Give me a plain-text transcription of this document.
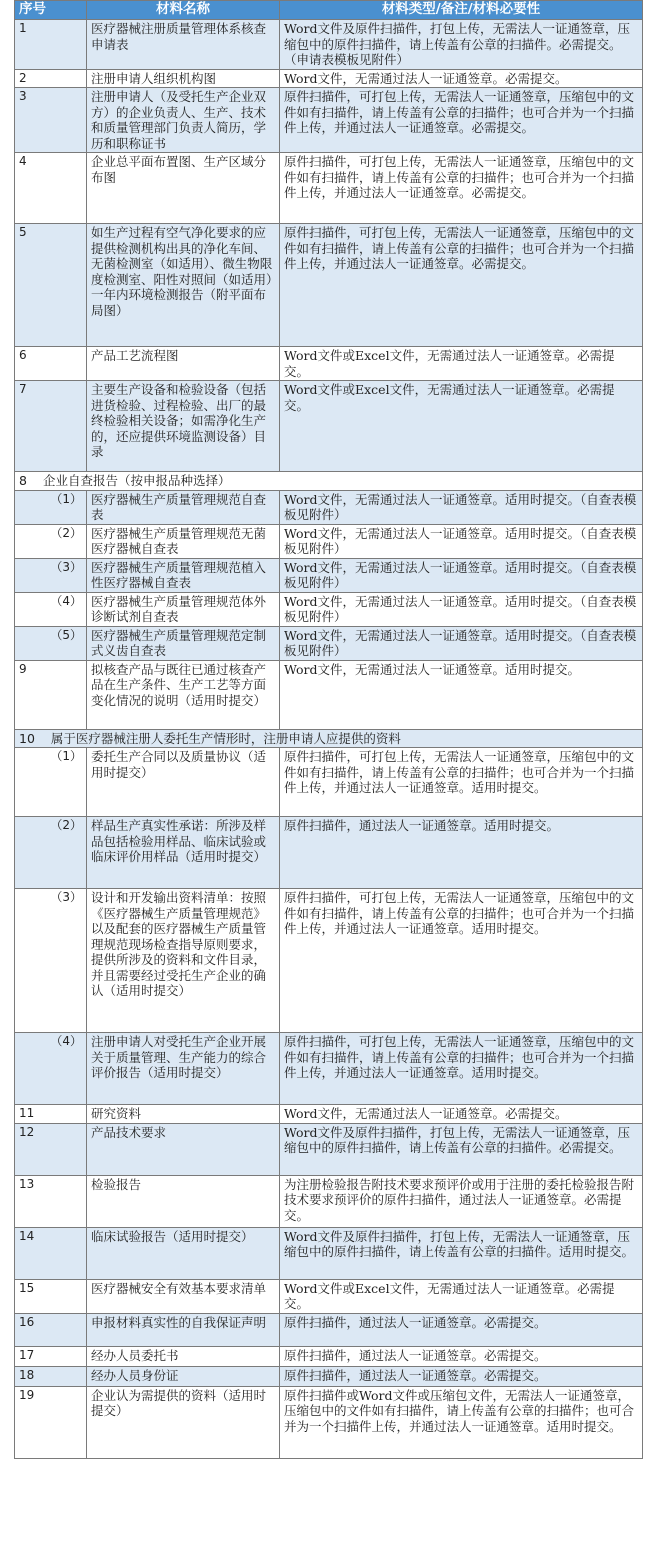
序号	材料名称	材料类型/备注/材料必要性
1	医疗器械注册质量管理体系核查申请表	Word文件及原件扫描件，打包上传，无需法人一证通签章，压缩包中的原件扫描件，请上传盖有公章的扫描件。必需提交。（申请表模板见附件）
2	注册申请人组织机构图	Word文件，无需通过法人一证通签章。必需提交。
3	注册申请人（及受托生产企业双方）的企业负责人、生产、技术和质量管理部门负责人简历，学历和职称证书	原件扫描件，可打包上传，无需法人一证通签章，压缩包中的文件如有扫描件，请上传盖有公章的扫描件；也可合并为一个扫描件上传，并通过法人一证通签章。必需提交。
4	企业总平面布置图、生产区域分布图	原件扫描件，可打包上传，无需法人一证通签章，压缩包中的文件如有扫描件，请上传盖有公章的扫描件；也可合并为一个扫描件上传，并通过法人一证通签章。必需提交。
5	如生产过程有空气净化要求的应提供检测机构出具的净化车间、无菌检测室（如适用）、微生物限度检测室、阳性对照间（如适用）一年内环境检测报告（附平面布局图）	原件扫描件，可打包上传，无需法人一证通签章，压缩包中的文件如有扫描件，请上传盖有公章的扫描件；也可合并为一个扫描件上传，并通过法人一证通签章。必需提交。
6	产品工艺流程图	Word文件或Excel文件，无需通过法人一证通签章。必需提交。
7	主要生产设备和检验设备（包括进货检验、过程检验、出厂的最终检验相关设备；如需净化生产的，还应提供环境监测设备）目录	Word文件或Excel文件，无需通过法人一证通签章。必需提交。
8 企业自查报告（按申报品种选择）		
（1）	医疗器械生产质量管理规范自查表	Word文件，无需通过法人一证通签章。适用时提交。（自查表模板见附件）
（2）	医疗器械生产质量管理规范无菌医疗器械自查表	Word文件，无需通过法人一证通签章。适用时提交。（自查表模板见附件）
（3）	医疗器械生产质量管理规范植入性医疗器械自查表	Word文件，无需通过法人一证通签章。适用时提交。（自查表模板见附件）
（4）	医疗器械生产质量管理规范体外诊断试剂自查表	Word文件，无需通过法人一证通签章。适用时提交。（自查表模板见附件）
（5）	医疗器械生产质量管理规范定制式义齿自查表	Word文件，无需通过法人一证通签章。适用时提交。（自查表模板见附件）
9	拟核查产品与既往已通过核查产品在生产条件、生产工艺等方面变化情况的说明（适用时提交）	Word文件，无需通过法人一证通签章。适用时提交。
10 属于医疗器械注册人委托生产情形时，注册申请人应提供的资料		
（1）	委托生产合同以及质量协议（适用时提交）	原件扫描件，可打包上传，无需法人一证通签章，压缩包中的文件如有扫描件，请上传盖有公章的扫描件；也可合并为一个扫描件上传，并通过法人一证通签章。适用时提交。
（2）	样品生产真实性承诺：所涉及样品包括检验用样品、临床试验或临床评价用样品（适用时提交）	原件扫描件，通过法人一证通签章。适用时提交。
（3）	设计和开发输出资料清单：按照《医疗器械生产质量管理规范》以及配套的医疗器械生产质量管理规范现场检查指导原则要求，提供所涉及的资料和文件目录，并且需要经过受托生产企业的确认（适用时提交）	原件扫描件，可打包上传，无需法人一证通签章，压缩包中的文件如有扫描件，请上传盖有公章的扫描件；也可合并为一个扫描件上传，并通过法人一证通签章。适用时提交。
（4）	注册申请人对受托生产企业开展关于质量管理、生产能力的综合评价报告（适用时提交）	原件扫描件，可打包上传，无需法人一证通签章，压缩包中的文件如有扫描件，请上传盖有公章的扫描件；也可合并为一个扫描件上传，并通过法人一证通签章。适用时提交。
11	研究资料	Word文件，无需通过法人一证通签章。必需提交。
12	产品技术要求	Word文件及原件扫描件，打包上传，无需法人一证通签章，压缩包中的原件扫描件，请上传盖有公章的扫描件。必需提交。
13	检验报告	为注册检验报告附技术要求预评价或用于注册的委托检验报告附技术要求预评价的原件扫描件，通过法人一证通签章。必需提交。
14	临床试验报告（适用时提交）	Word文件及原件扫描件，打包上传，无需法人一证通签章，压缩包中的原件扫描件，请上传盖有公章的扫描件。适用时提交。
15	医疗器械安全有效基本要求清单	Word文件或Excel文件，无需通过法人一证通签章。必需提交。
16	申报材料真实性的自我保证声明	原件扫描件，通过法人一证通签章。必需提交。
17	经办人员委托书	原件扫描件，通过法人一证通签章。必需提交。
18	经办人员身份证	原件扫描件，通过法人一证通签章。必需提交。
19	企业认为需提供的资料（适用时提交）	原件扫描件或Word文件或压缩包文件，无需法人一证通签章，压缩包中的文件如有扫描件，请上传盖有公章的扫描件；也可合并为一个扫描件上传，并通过法人一证通签章。适用时提交。
